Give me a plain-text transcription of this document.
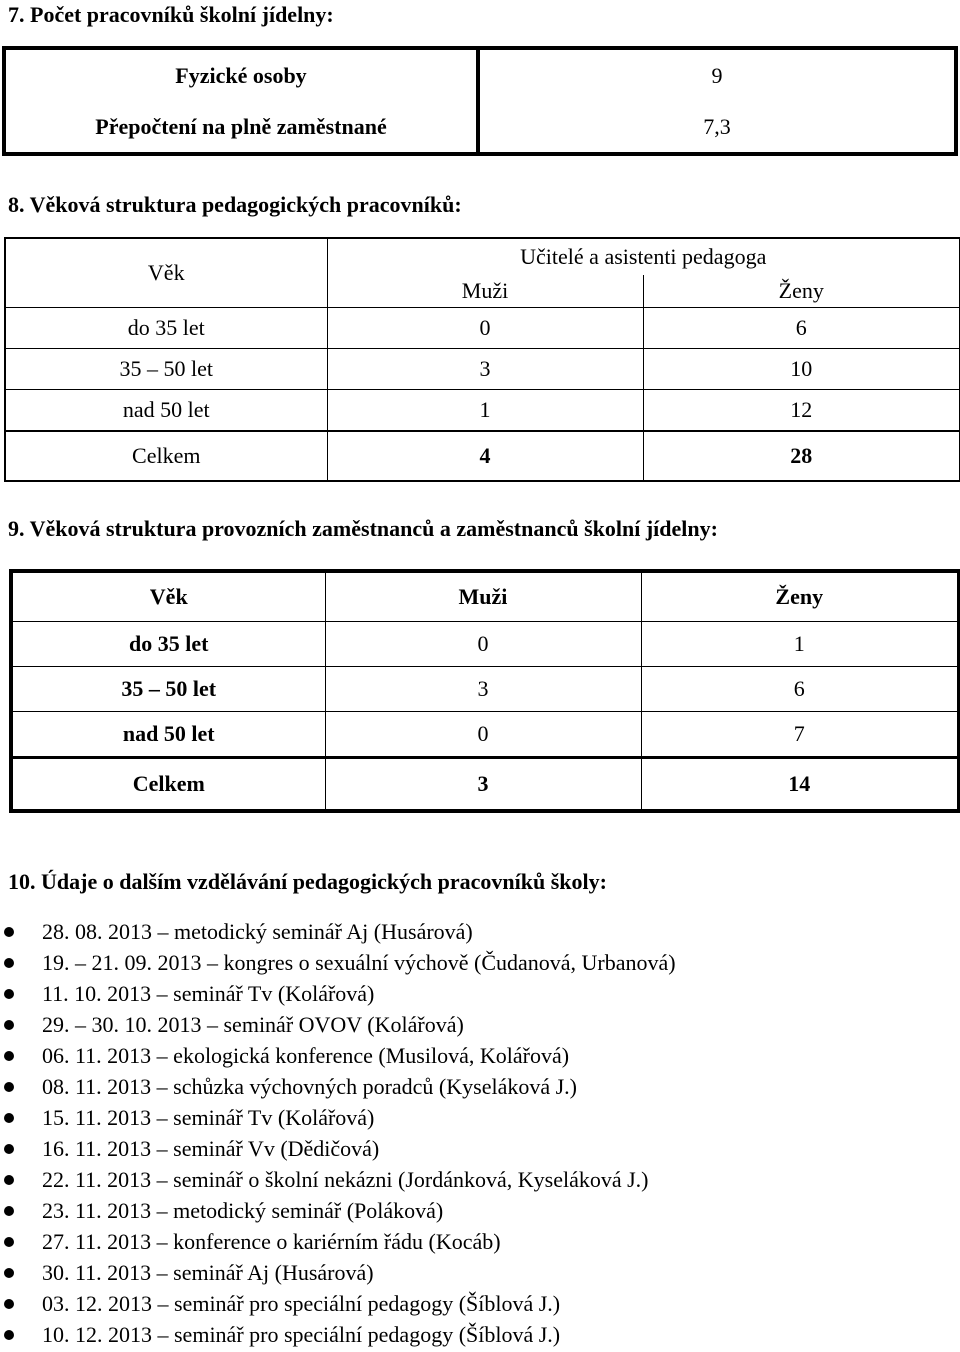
7. Počet pracovníků školní jídelny:
Fyzické osoby	9
Přepočtení na plně zaměstnané	7,3
8. Věková struktura pedagogických pracovníků:
Věk	Učitelé a asistenti pedagoga	
	Muži	Ženy
do 35 let	0	6
35 – 50 let	3	10
nad 50 let	1	12
Celkem	4	28
9. Věková struktura provozních zaměstnanců a zaměstnanců školní jídelny:
Věk	Muži	Ženy
do 35 let	0	1
35 – 50 let	3	6
nad 50 let	0	7
Celkem	3	14
10. Údaje o dalším vzdělávání pedagogických pracovníků školy:
28. 08. 2013 – metodický seminář Aj (Husárová)
19. – 21. 09. 2013 – kongres o sexuální výchově (Čudanová, Urbanová)
11. 10. 2013 – seminář Tv (Kolářová)
29. – 30. 10. 2013 – seminář OVOV (Kolářová)
06. 11. 2013 – ekologická konference (Musilová, Kolářová)
08. 11. 2013 – schůzka výchovných poradců (Kyseláková J.)
15. 11. 2013 – seminář Tv (Kolářová)
16. 11. 2013 – seminář Vv (Dědičová)
22. 11. 2013 – seminář o školní nekázni (Jordánková, Kyseláková J.)
23. 11. 2013 – metodický seminář (Poláková)
27. 11. 2013 – konference o kariérním řádu (Kocáb)
30. 11. 2013 – seminář Aj (Husárová)
03. 12. 2013 – seminář pro speciální pedagogy (Šíblová J.)
10. 12. 2013 – seminář pro speciální pedagogy (Šíblová J.)
